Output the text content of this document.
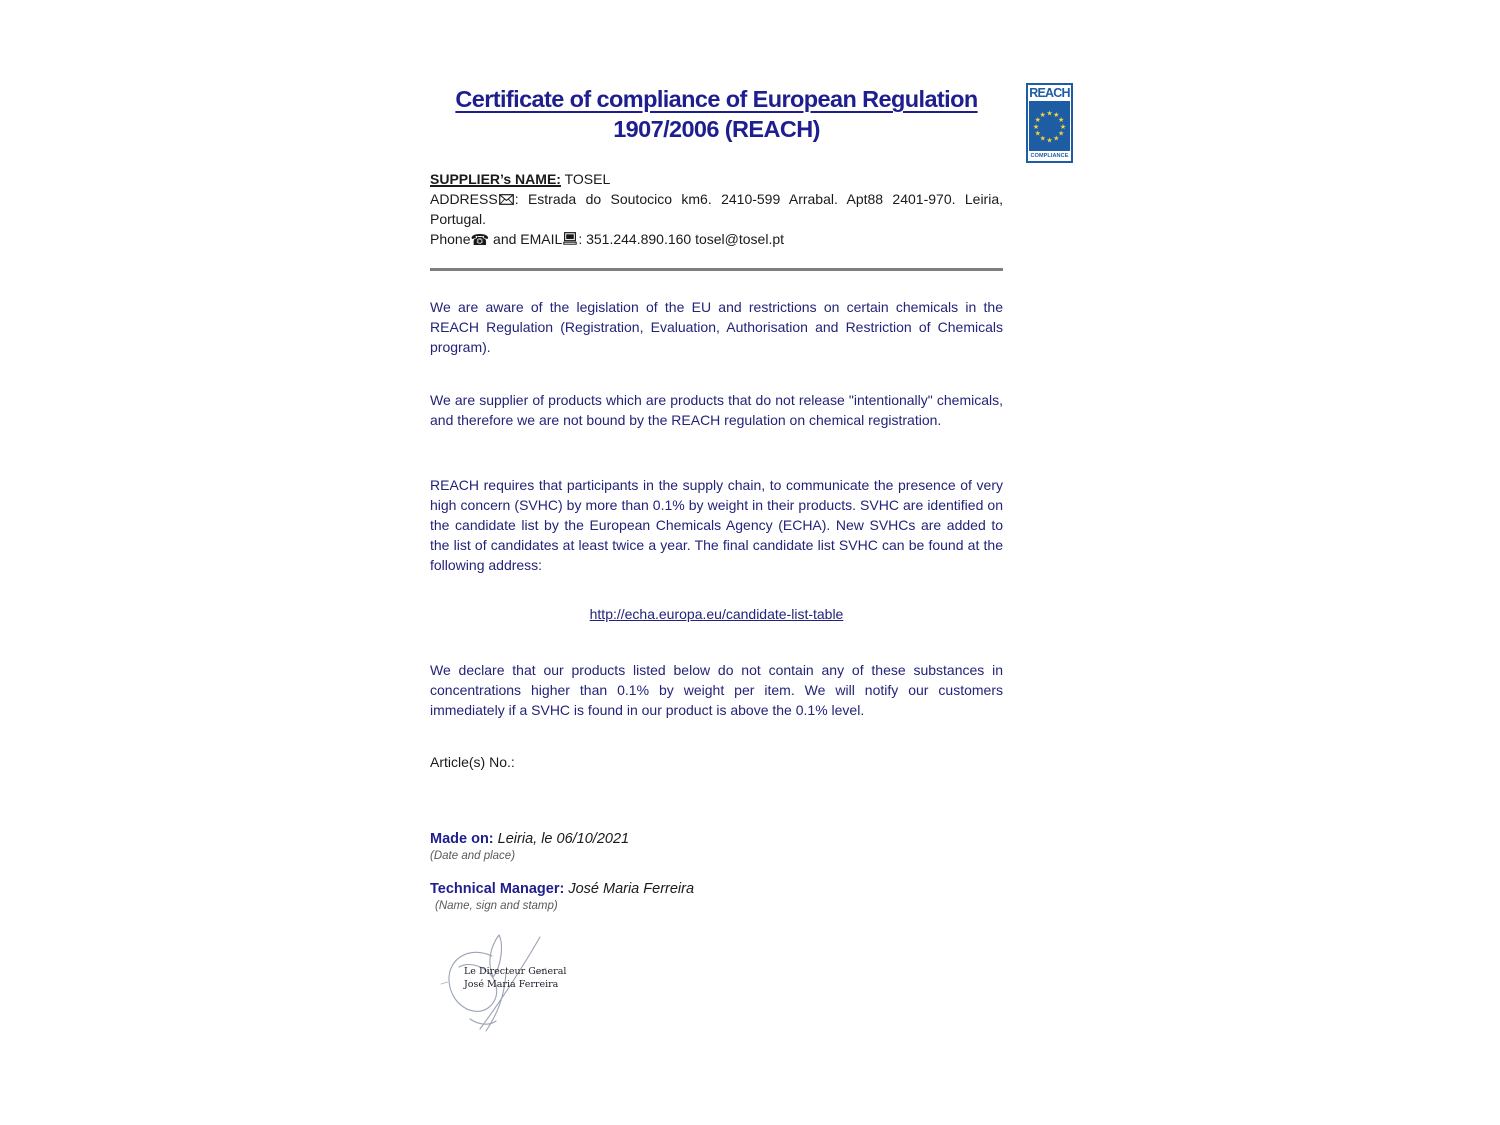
Certificate of compliance of European Regulation
1907/2006 (REACH)

SUPPLIER’s NAME: TOSEL

ADDRESS : Estrada do Soutocico km6. 2410-599 Arrabal. Apt88 2401-970. Leiria, Portugal.

Phone☎ and EMAIL : 351.244.890.160 tosel@tosel.pt

We are aware of the legislation of the EU and restrictions on certain chemicals in the REACH Regulation (Registration, Evaluation, Authorisation and Restriction of Chemicals program).

We are supplier of products which are products that do not release "intentionally" chemicals, and therefore we are not bound by the REACH regulation on chemical registration.

REACH requires that participants in the supply chain, to communicate the presence of very high concern (SVHC) by more than 0.1% by weight in their products. SVHC are identified on the candidate list by the European Chemicals Agency (ECHA). New SVHCs are added to the list of candidates at least twice a year. The final candidate list SVHC can be found at the following address:

http://echa.europa.eu/candidate-list-table

We declare that our products listed below do not contain any of these substances in concentrations higher than 0.1% by weight per item. We will notify our customers immediately if a SVHC is found in our product is above the 0.1% level.

Article(s) No.:

Made on: Leiria, le 06/10/2021

(Date and place)

Technical Manager: José Maria Ferreira

(Name, sign and stamp)

Le Directeur General
José Maria Ferreira
REACH
★ ★
★
★
★
★
★
★
★
★
★
★
COMPLIANCE
